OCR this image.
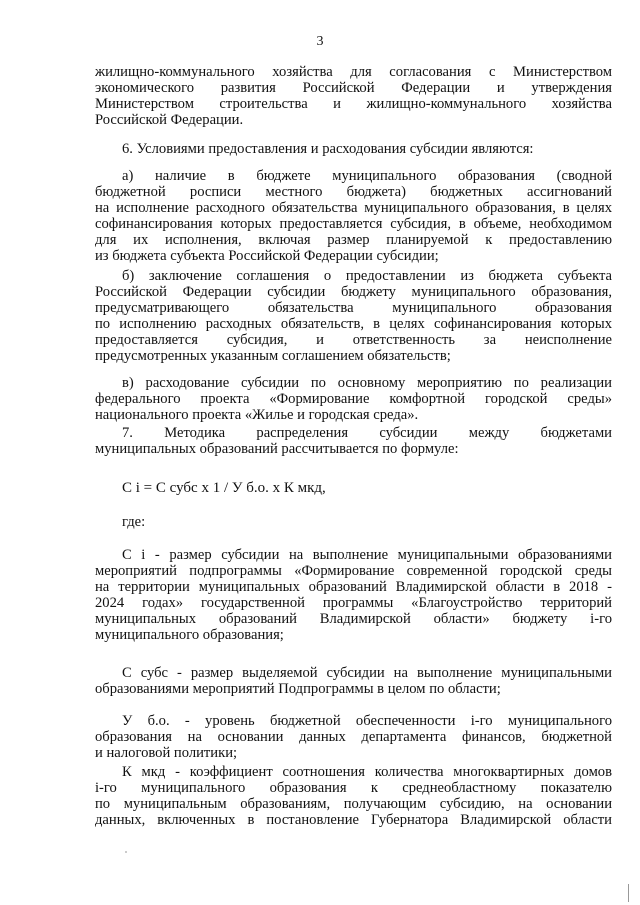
3
жилищно-коммунального хозяйства для согласования с Министерством
экономического развития Российской Федерации и утверждения
Министерством строительства и жилищно-коммунального хозяйства
Российской Федерации.
6. Условиями предоставления и расходования субсидии являются:
а) наличие в бюджете муниципального образования (сводной
бюджетной росписи местного бюджета) бюджетных ассигнований
на исполнение расходного обязательства муниципального образования, в целях
софинансирования которых предоставляется субсидия, в объеме, необходимом
для их исполнения, включая размер планируемой к предоставлению
из бюджета субъекта Российской Федерации субсидии;
б) заключение соглашения о предоставлении из бюджета субъекта
Российской Федерации субсидии бюджету муниципального образования,
предусматривающего обязательства муниципального образования
по исполнению расходных обязательств, в целях софинансирования которых
предоставляется субсидия, и ответственность за неисполнение
предусмотренных указанным соглашением обязательств;
в) расходование субсидии по основному мероприятию по реализации
федерального проекта «Формирование комфортной городской среды»
национального проекта «Жилье и городская среда».
7. Методика распределения субсидии между бюджетами
муниципальных образований рассчитывается по формуле:
С i = С субс х 1 / У б.о. х К мкд,
где:
С i - размер субсидии на выполнение муниципальными образованиями
мероприятий подпрограммы «Формирование современной городской среды
на территории муниципальных образований Владимирской области в 2018 -
2024 годах» государственной программы «Благоустройство территорий
муниципальных образований Владимирской области» бюджету i-го
муниципального образования;
С субс - размер выделяемой субсидии на выполнение муниципальными
образованиями мероприятий Подпрограммы в целом по области;
У б.о. - уровень бюджетной обеспеченности i-го муниципального
образования на основании данных департамента финансов, бюджетной
и налоговой политики;
К мкд - коэффициент соотношения количества многоквартирных домов
i-го муниципального образования к среднеобластному показателю
по муниципальным образованиям, получающим субсидию, на основании
данных, включенных в постановление Губернатора Владимирской области
